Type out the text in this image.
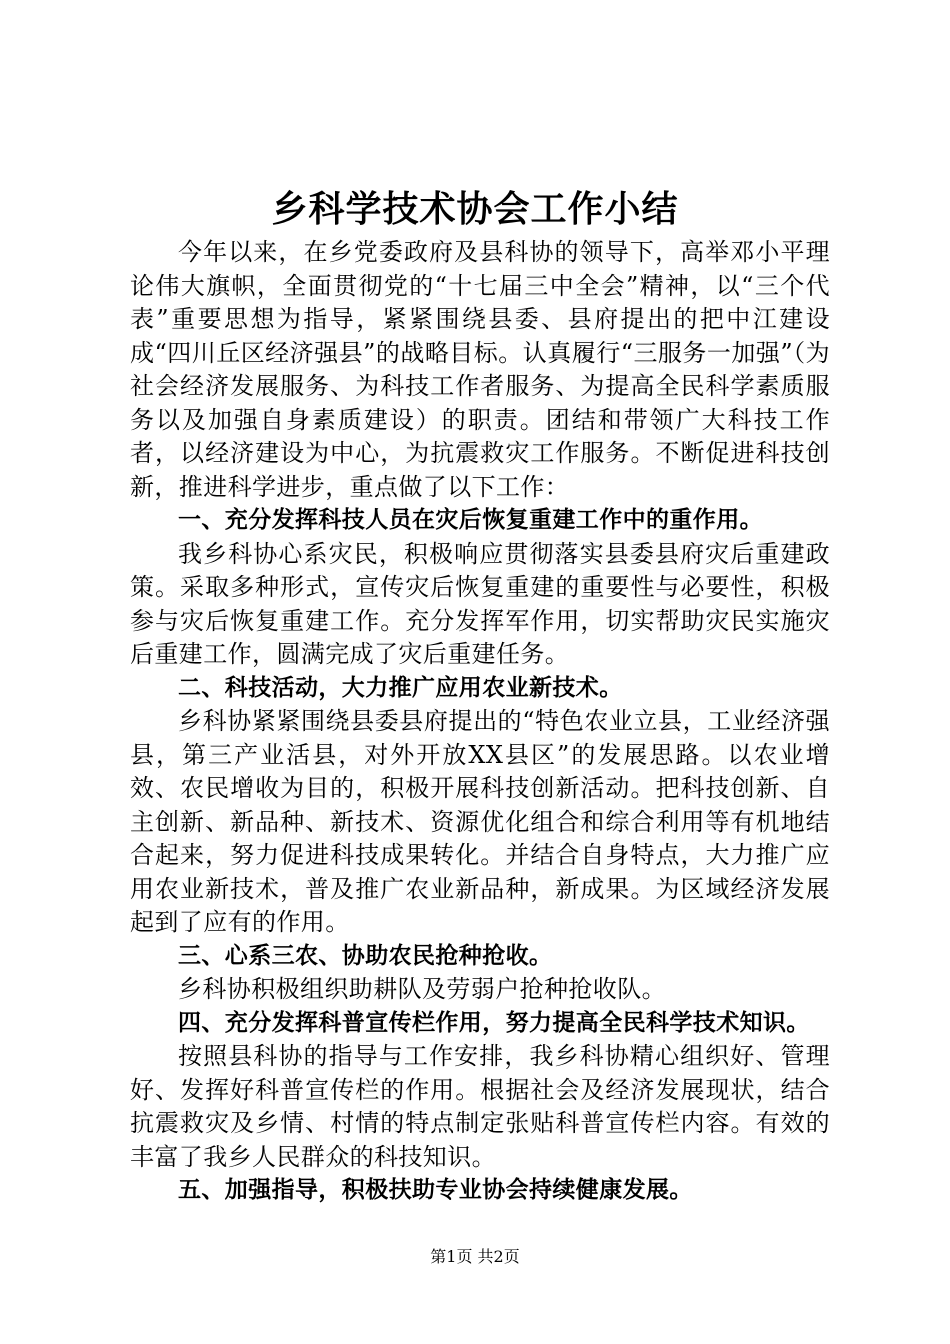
乡科学技术协会工作小结

今年以来，在乡党委政府及县科协的领导下，高举邓小平理论伟大旗帜，全面贯彻党的“十七届三中全会”精神，以“三个代表”重要思想为指导，紧紧围绕县委、县府提出的把中江建设成“四川丘区经济强县”的战略目标。认真履行“三服务一加强”（为社会经济发展服务、为科技工作者服务、为提高全民科学素质服务以及加强自身素质建设）的职责。团结和带领广大科技工作者，以经济建设为中心，为抗震救灾工作服务。不断促进科技创新，推进科学进步，重点做了以下工作：

一、充分发挥科技人员在灾后恢复重建工作中的重作用。

我乡科协心系灾民，积极响应贯彻落实县委县府灾后重建政策。采取多种形式，宣传灾后恢复重建的重要性与必要性，积极参与灾后恢复重建工作。充分发挥军作用，切实帮助灾民实施灾后重建工作，圆满完成了灾后重建任务。

二、科技活动，大力推广应用农业新技术。

乡科协紧紧围绕县委县府提出的“特色农业立县，工业经济强县，第三产业活县，对外开放XX县区”的发展思路。以农业增效、农民增收为目的，积极开展科技创新活动。把科技创新、自主创新、新品种、新技术、资源优化组合和综合利用等有机地结合起来，努力促进科技成果转化。并结合自身特点，大力推广应用农业新技术，普及推广农业新品种，新成果。为区域经济发展起到了应有的作用。

三、心系三农、协助农民抢种抢收。

乡科协积极组织助耕队及劳弱户抢种抢收队。

四、充分发挥科普宣传栏作用，努力提高全民科学技术知识。

按照县科协的指导与工作安排，我乡科协精心组织好、管理好、发挥好科普宣传栏的作用。根据社会及经济发展现状，结合抗震救灾及乡情、村情的特点制定张贴科普宣传栏内容。有效的丰富了我乡人民群众的科技知识。

五、加强指导，积极扶助专业协会持续健康发展。

第1页 共2页
